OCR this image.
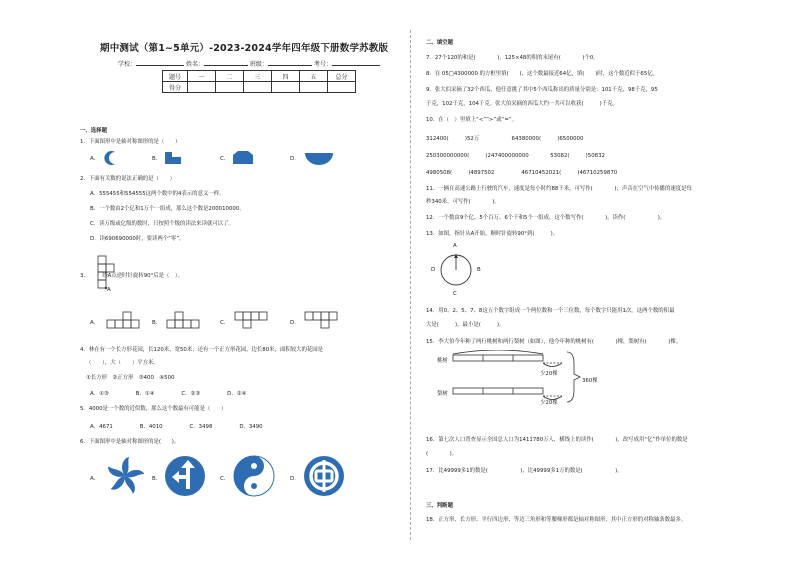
期中测试（第1~5单元）-2023-2024学年四年级下册数学苏教版
学校：	姓名：	班级：	考号：
题号	一	二	三	四	五	总分
得分						
一、选择题
1．下面图形中是轴对称图形的是（　　）
A．	B．	C．	D．
2．下面有关数的说法正确的是（　　）
A．555455和554555这两个数中的4表示的意义一样。
B．一个数由2个亿和1万个一组成，那么这个数是200010000。
C．读万级或亿级的数时，只按照个级的读法来读就可以了。
D．读690690000时，要读两个“零”。
3．　　　绕A点逆时针旋转90°后是（　）。
A
A．	B．	C．	D．
4．林在有一个长方形花园，长120米，宽50米；还有一个正方形花园，边长80米，面积较大的花园是
（　　），大（　　）平方米。
①长方形　②正方形　③400　④500
A．①③　　　　　B．①④　　　　　C．②③　　　　　D．②④
5．4000是一个数的近似数，那么这个数最有可能是（　　）
A．4671　　　　　B．4010　　　　　C．3498　　　　　D．3490
6．下面图形中是轴对称图形的是(　　)。
A．	B．	C．	D．
二、填空题
7．27个120的和是(　　　　)，125×48的积的末尾有(　　　　)个0。
8．在 05□4300000 的方框里填(　　)，这个数最接近64亿，填(　　)时，这个数近似于65亿。
9．张大伯采摘了32个西瓜，他任意挑了其中5个西瓜称出的质量分别是：101千克，98千克，95
千克，102千克，104千克。张大伯采摘的西瓜大约一共可以收获(　　　)千克。
10．在（　）里填上“<”“>”或“=”。
312400(　　　)52万　　　　　　64380000(　　　)6500000
250300000000(　　　)247400000000　　　　53082(　　　)50832
4980508(　　　)4897502　　　　　46710452021(　　　)46710259870
11．一辆在高速公路上行驶的汽车，速度是每小时约88千米，可写作(　　　　)；声音在空气中传播的速度是每
秒340米，可写作(　　　　)。
12．一个数由9个亿、5个百万、6个千和5个一组成，这个数写作(　　　　)，读作(　　　　　　)。
13．如图，指针从A开始，顺时针旋转90°到(　　　)。
A
B
C
D
14．用0、2、5、7、8这五个数字组成一个两位数和一个三位数，每个数字只能用1次。这两个数的积最
大是(　　　)，最小是(　　　)。
15．李大伯今年种了两行桃树和两行梨树（如图），他今年种的桃树有(　　　　)棵，梨树有(　　　　)棵。
桃树
梨树
少20棵
少20棵
360棵
16．第七次人口普查显示全国总人口为1411780万人，横线上的读作(　　　　)，改写成用“亿”作单位的数是
(　　　　)。
17．比49999多1的数是(　　　　　　)，比49999多1万的数是(　　　　　　)。
三、判断题
18．正方形、长方形、平行四边形、等边三角形和等腰梯形都是轴对称图形，其中正方形的对称轴条数最多。
